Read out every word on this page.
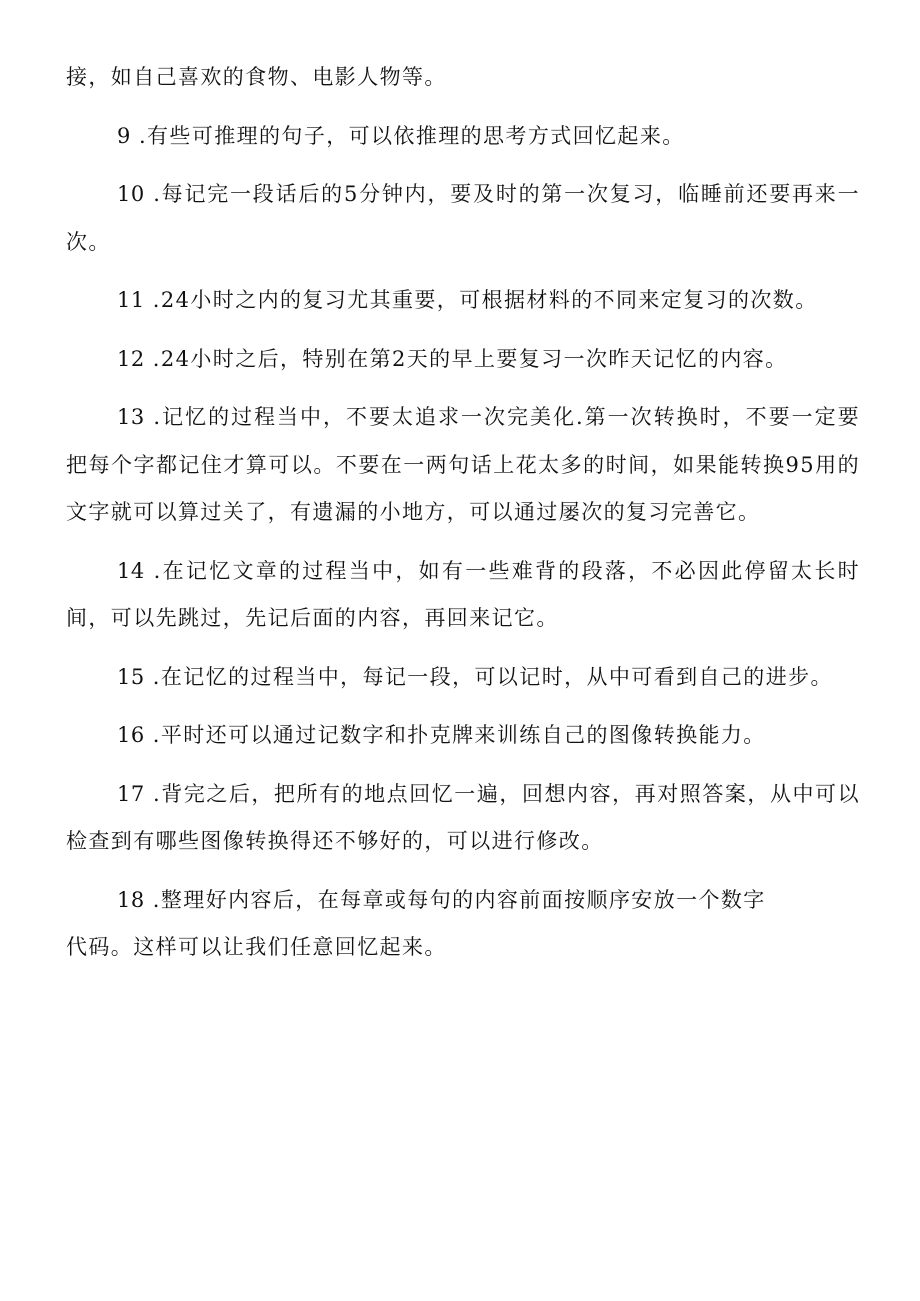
接，如自己喜欢的食物、电影人物等。

9 .有些可推理的句子，可以依推理的思考方式回忆起来。

10 .每记完一段话后的5分钟内，要及时的第一次复习，临睡前还要再来一次。

11 .24小时之内的复习尤其重要，可根据材料的不同来定复习的次数。

12 .24小时之后，特别在第2天的早上要复习一次昨天记忆的内容。

13 .记忆的过程当中，不要太追求一次完美化.第一次转换时，不要一定要把每个字都记住才算可以。不要在一两句话上花太多的时间，如果能转换95用的文字就可以算过关了，有遗漏的小地方，可以通过屡次的复习完善它。

14 .在记忆文章的过程当中，如有一些难背的段落，不必因此停留太长时间，可以先跳过，先记后面的内容，再回来记它。

15 .在记忆的过程当中，每记一段，可以记时，从中可看到自己的进步。

16 .平时还可以通过记数字和扑克牌来训练自己的图像转换能力。

17 .背完之后，把所有的地点回忆一遍，回想内容，再对照答案，从中可以检查到有哪些图像转换得还不够好的，可以进行修改。

18 .整理好内容后，在每章或每句的内容前面按顺序安放一个数字

代码。这样可以让我们任意回忆起来。
